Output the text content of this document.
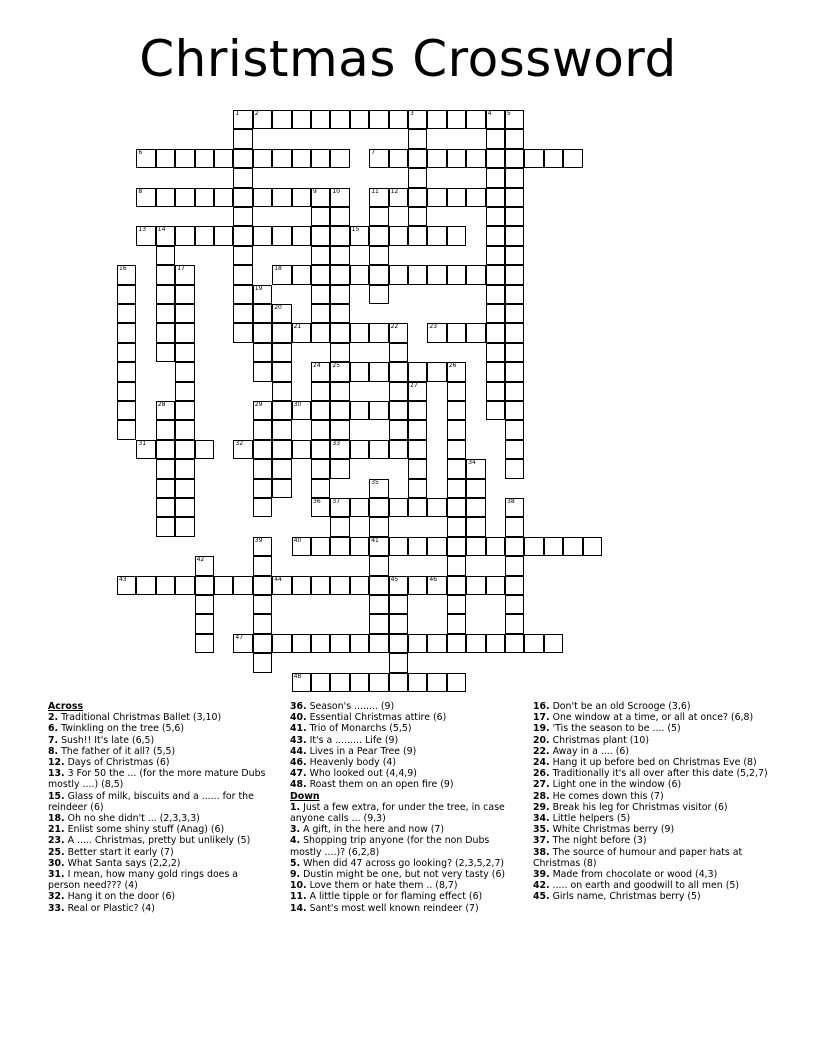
Christmas Crossword
1	2	3	4	5
6	7
8	9	10
25
33
11 12
13 14	15
16	17	18
19
20
21	22	23
24
36
26
27
28	29	30
31	32
34
35
41
37	38
39	40
42
43	44	45	46
47
48
Across
2. Traditional Christmas Ballet (3,10)
6. Twinkling on the tree (5,6)
7. Sush!! It's late (6,5)
8. The father of it all? (5,5)
12. Days of Christmas (6)
13. 3 For 50 the ... (for the more mature Dubs mostly ....) (8,5)
15. Glass of milk, biscuits and a ...... for the reindeer (6)
18. Oh no she didn't ... (2,3,3,3)
21. Enlist some shiny stuff (Anag) (6)
23. A ..... Christmas, pretty but unlikely (5)
25. Better start it early (7)
30. What Santa says (2,2,2)
31. I mean, how many gold rings does a person need??? (4)
32. Hang it on the door (6)
33. Real or Plastic? (4)
36. Season's ........ (9)
40. Essential Christmas attire (6)
41. Trio of Monarchs (5,5)
43. It's a ......... Life (9)
44. Lives in a Pear Tree (9)
46. Heavenly body (4)
47. Who looked out (4,4,9)
48. Roast them on an open fire (9)
Down
1. Just a few extra, for under the tree, in case anyone calls ... (9,3)
3. A gift, in the here and now (7)
4. Shopping trip anyone (for the non Dubs mostly ....)? (6,2,8)
5. When did 47 across go looking? (2,3,5,2,7)
9. Dustin might be one, but not very tasty (6)
10. Love them or hate them .. (8,7)
11. A little tipple or for flaming effect (6)
14. Sant's most well known reindeer (7)
16. Don't be an old Scrooge (3,6)
17. One window at a time, or all at once? (6,8)
19. 'Tis the season to be .... (5)
20. Christmas plant (10)
22. Away in a .... (6)
24. Hang it up before bed on Christmas Eve (8)
26. Traditionally it's all over after this date (5,2,7)
27. Light one in the window (6)
28. He comes down this (7)
29. Break his leg for Christmas visitor (6)
34. Little helpers (5)
35. White Christmas berry (9)
37. The night before (3)
38. The source of humour and paper hats at Christmas (8)
39. Made from chocolate or wood (4,3)
42. ..... on earth and goodwill to all men (5)
45. Girls name, Christmas berry (5)
